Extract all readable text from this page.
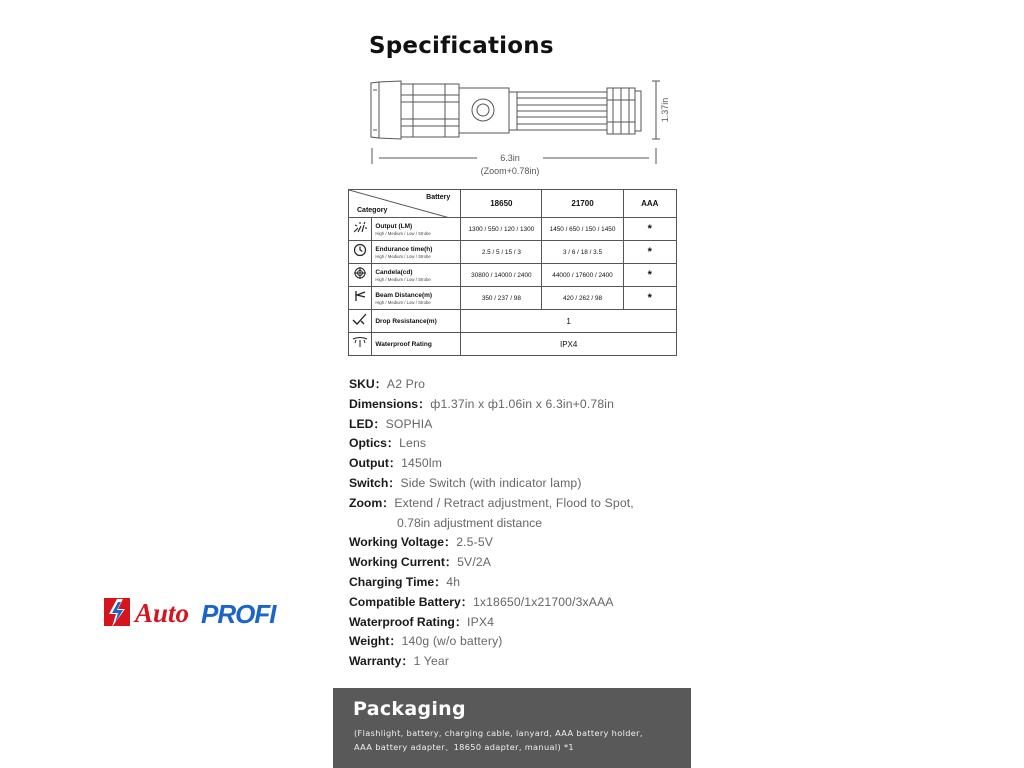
Specifications
6.3in
(Zoom+0.78in)
1.37in
Battery
Category		18650	21700	AAA

Output (LM)
High / Medium / Low / Strobe	1300 / 550 / 120 / 1300	1450 / 650 / 150 / 1450	*

Endurance time(h)
High / Medium / Low / Strobe	2.5 / 5 / 15 / 3	3 / 6 / 18 / 3.5	*

Candela(cd)
High / Medium / Low / Strobe	30800 / 14000 / 2400	44000 / 17600 / 2400	*

Beam Distance(m)
High / Medium / Low / Strobe	350 / 237 / 98	420 / 262 / 98	*

Drop Resistance(m)	1		

Waterproof Rating	IPX4		
SKU：A2 Pro
Dimensions：ф1.37in x ф1.06in x 6.3in+0.78in
LED：SOPHIA
Optics：Lens
Output：1450lm
Switch：Side Switch (with indicator lamp)
Zoom：Extend / Retract adjustment, Flood to Spot,
0.78in adjustment distance
Working Voltage：2.5-5V
Working Current：5V/2A
Charging Time：4h
Compatible Battery：1x18650/1x21700/3xAAA
Waterproof Rating：IPX4
Weight：140g (w/o battery)
Warranty：1 Year
Packaging
(Flashlight, battery, charging cable, lanyard, AAA battery holder,
AAA battery adapter、18650 adapter, manual) *1
Auto PROFI
